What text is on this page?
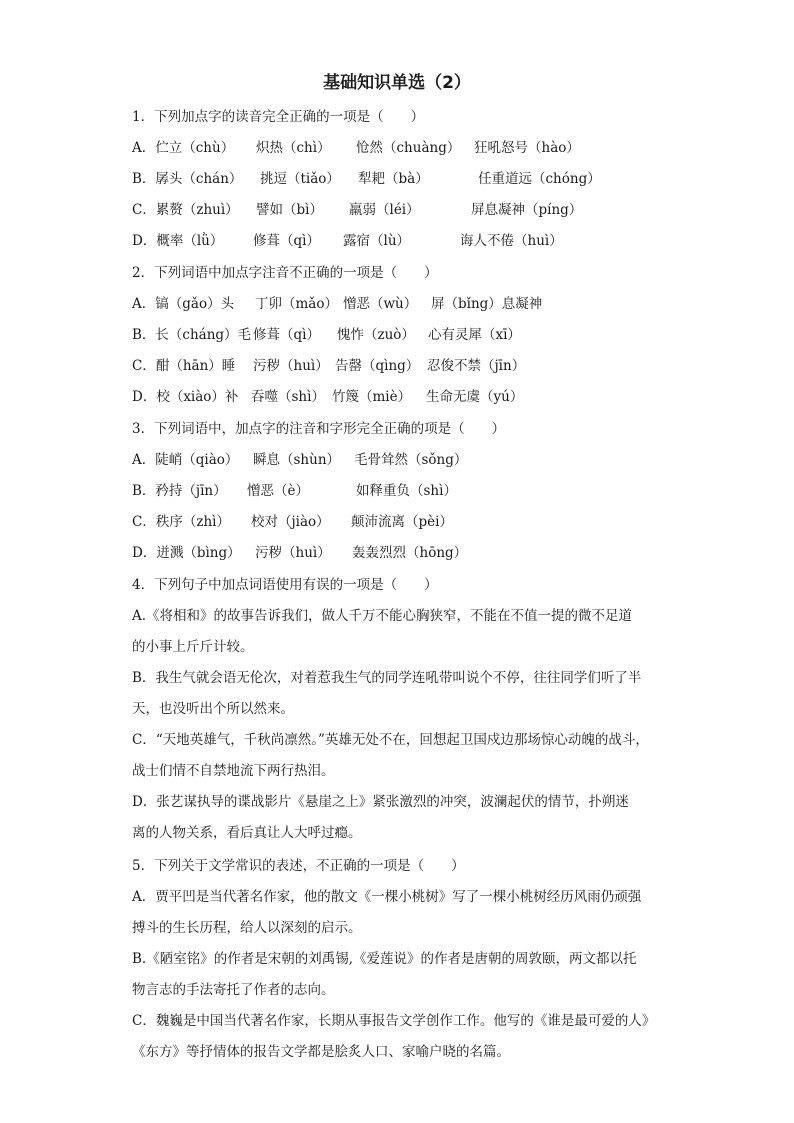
基础知识单选（2）
1．下列加点字的读音完全正确的一项是（　　）
A．伫立（chù） 炽热（chì） 怆然（chuàng） 狂吼怒号（hào）
B．孱头（chán） 挑逗（tiǎo） 犁耙（bà）	任重道远（chóng）
C．累赘（zhuì） 譬如（bì） 羸弱（léi）	屏息凝神（píng）
D．概率（lǜ） 修葺（qì） 露宿（lù）	诲人不倦（huì）
2．下列词语中加点字注音不正确的一项是（　　）
A．镐（gǎo）头 丁卯（mǎo） 憎恶（wù） 屏（bǐng）息凝神
B．长（cháng）毛 修葺（qì） 愧怍（zuò） 心有灵犀（xī）
C．酣（hān）睡 污秽（huì） 告罄（qìng） 忍俊不禁（jīn）
D．校（xiào）补 吞噬（shì） 竹篾（miè） 生命无虞（yú）
3．下列词语中，加点字的注音和字形完全正确的项是（　　）
A．陡峭（qiào） 瞬息（shùn） 毛骨耸然（sǒng）
B．矜持（jīn） 憎恶（è）	如释重负（shì）
C．秩序（zhì） 校对（jiào） 颠沛流离（pèi）
D．迸溅（bìng） 污秽（huì） 轰轰烈烈（hōng）
4．下列句子中加点词语使用有误的一项是（　　）
A.《将相和》的故事告诉我们，做人千万不能心胸狭窄，不能在不值一提的微不足道
的小事上斤斤计较。
B．我生气就会语无伦次，对着惹我生气的同学连吼带叫说个不停，往往同学们听了半
天，也没听出个所以然来。
C．“天地英雄气，千秋尚凛然。”英雄无处不在，回想起卫国戍边那场惊心动魄的战斗，
战士们情不自禁地流下两行热泪。
D．张艺谋执导的谍战影片《悬崖之上》紧张激烈的冲突，波澜起伏的情节，扑朔迷
离的人物关系，看后真让人大呼过瘾。
5．下列关于文学常识的表述，不正确的一项是（　　）
A．贾平凹是当代著名作家，他的散文《一棵小桃树》写了一棵小桃树经历风雨仍顽强
搏斗的生长历程，给人以深刻的启示。
B.《陋室铭》的作者是宋朝的刘禹锡,《爱莲说》的作者是唐朝的周敦颐，两文都以托
物言志的手法寄托了作者的志向。
C．魏巍是中国当代著名作家，长期从事报告文学创作工作。他写的《谁是最可爱的人》
《东方》等抒情体的报告文学都是脍炙人口、家喻户晓的名篇。
